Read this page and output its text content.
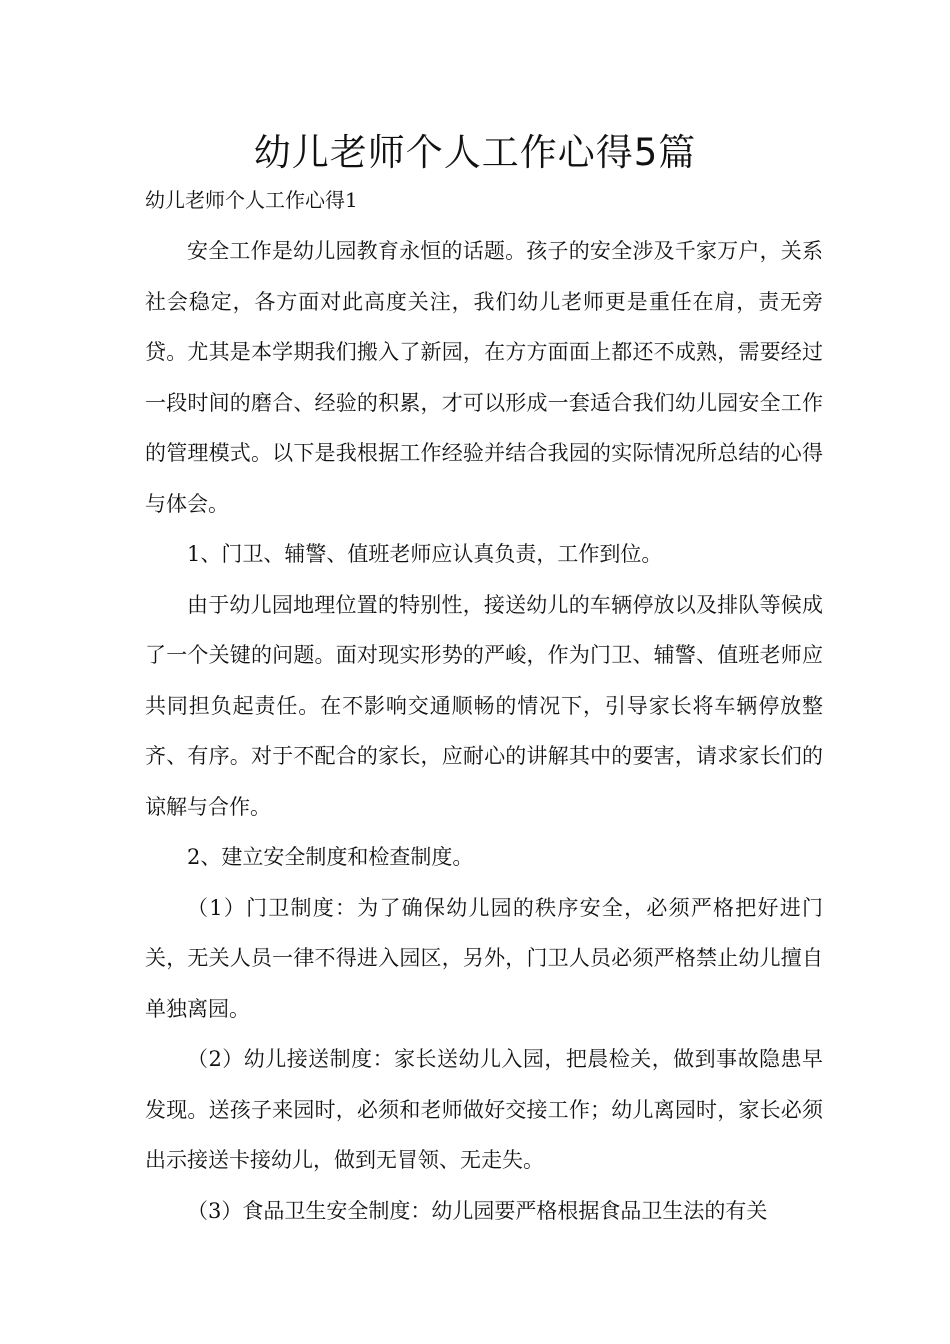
幼儿老师个人工作心得5篇

幼儿老师个人工作心得1

安全工作是幼儿园教育永恒的话题。孩子的安全涉及千家万户，关系社会稳定，各方面对此高度关注，我们幼儿老师更是重任在肩，责无旁贷。尤其是本学期我们搬入了新园，在方方面面上都还不成熟，需要经过一段时间的磨合、经验的积累，才可以形成一套适合我们幼儿园安全工作的管理模式。以下是我根据工作经验并结合我园的实际情况所总结的心得与体会。

1、门卫、辅警、值班老师应认真负责，工作到位。

由于幼儿园地理位置的特别性，接送幼儿的车辆停放以及排队等候成了一个关键的问题。面对现实形势的严峻，作为门卫、辅警、值班老师应共同担负起责任。在不影响交通顺畅的情况下，引导家长将车辆停放整齐、有序。对于不配合的家长，应耐心的讲解其中的要害，请求家长们的谅解与合作。

2、建立安全制度和检查制度。

（1）门卫制度：为了确保幼儿园的秩序安全，必须严格把好进门关，无关人员一律不得进入园区，另外，门卫人员必须严格禁止幼儿擅自单独离园。

（2）幼儿接送制度：家长送幼儿入园，把晨检关，做到事故隐患早发现。送孩子来园时，必须和老师做好交接工作；幼儿离园时，家长必须出示接送卡接幼儿，做到无冒领、无走失。

（3）食品卫生安全制度：幼儿园要严格根据食品卫生法的有关
